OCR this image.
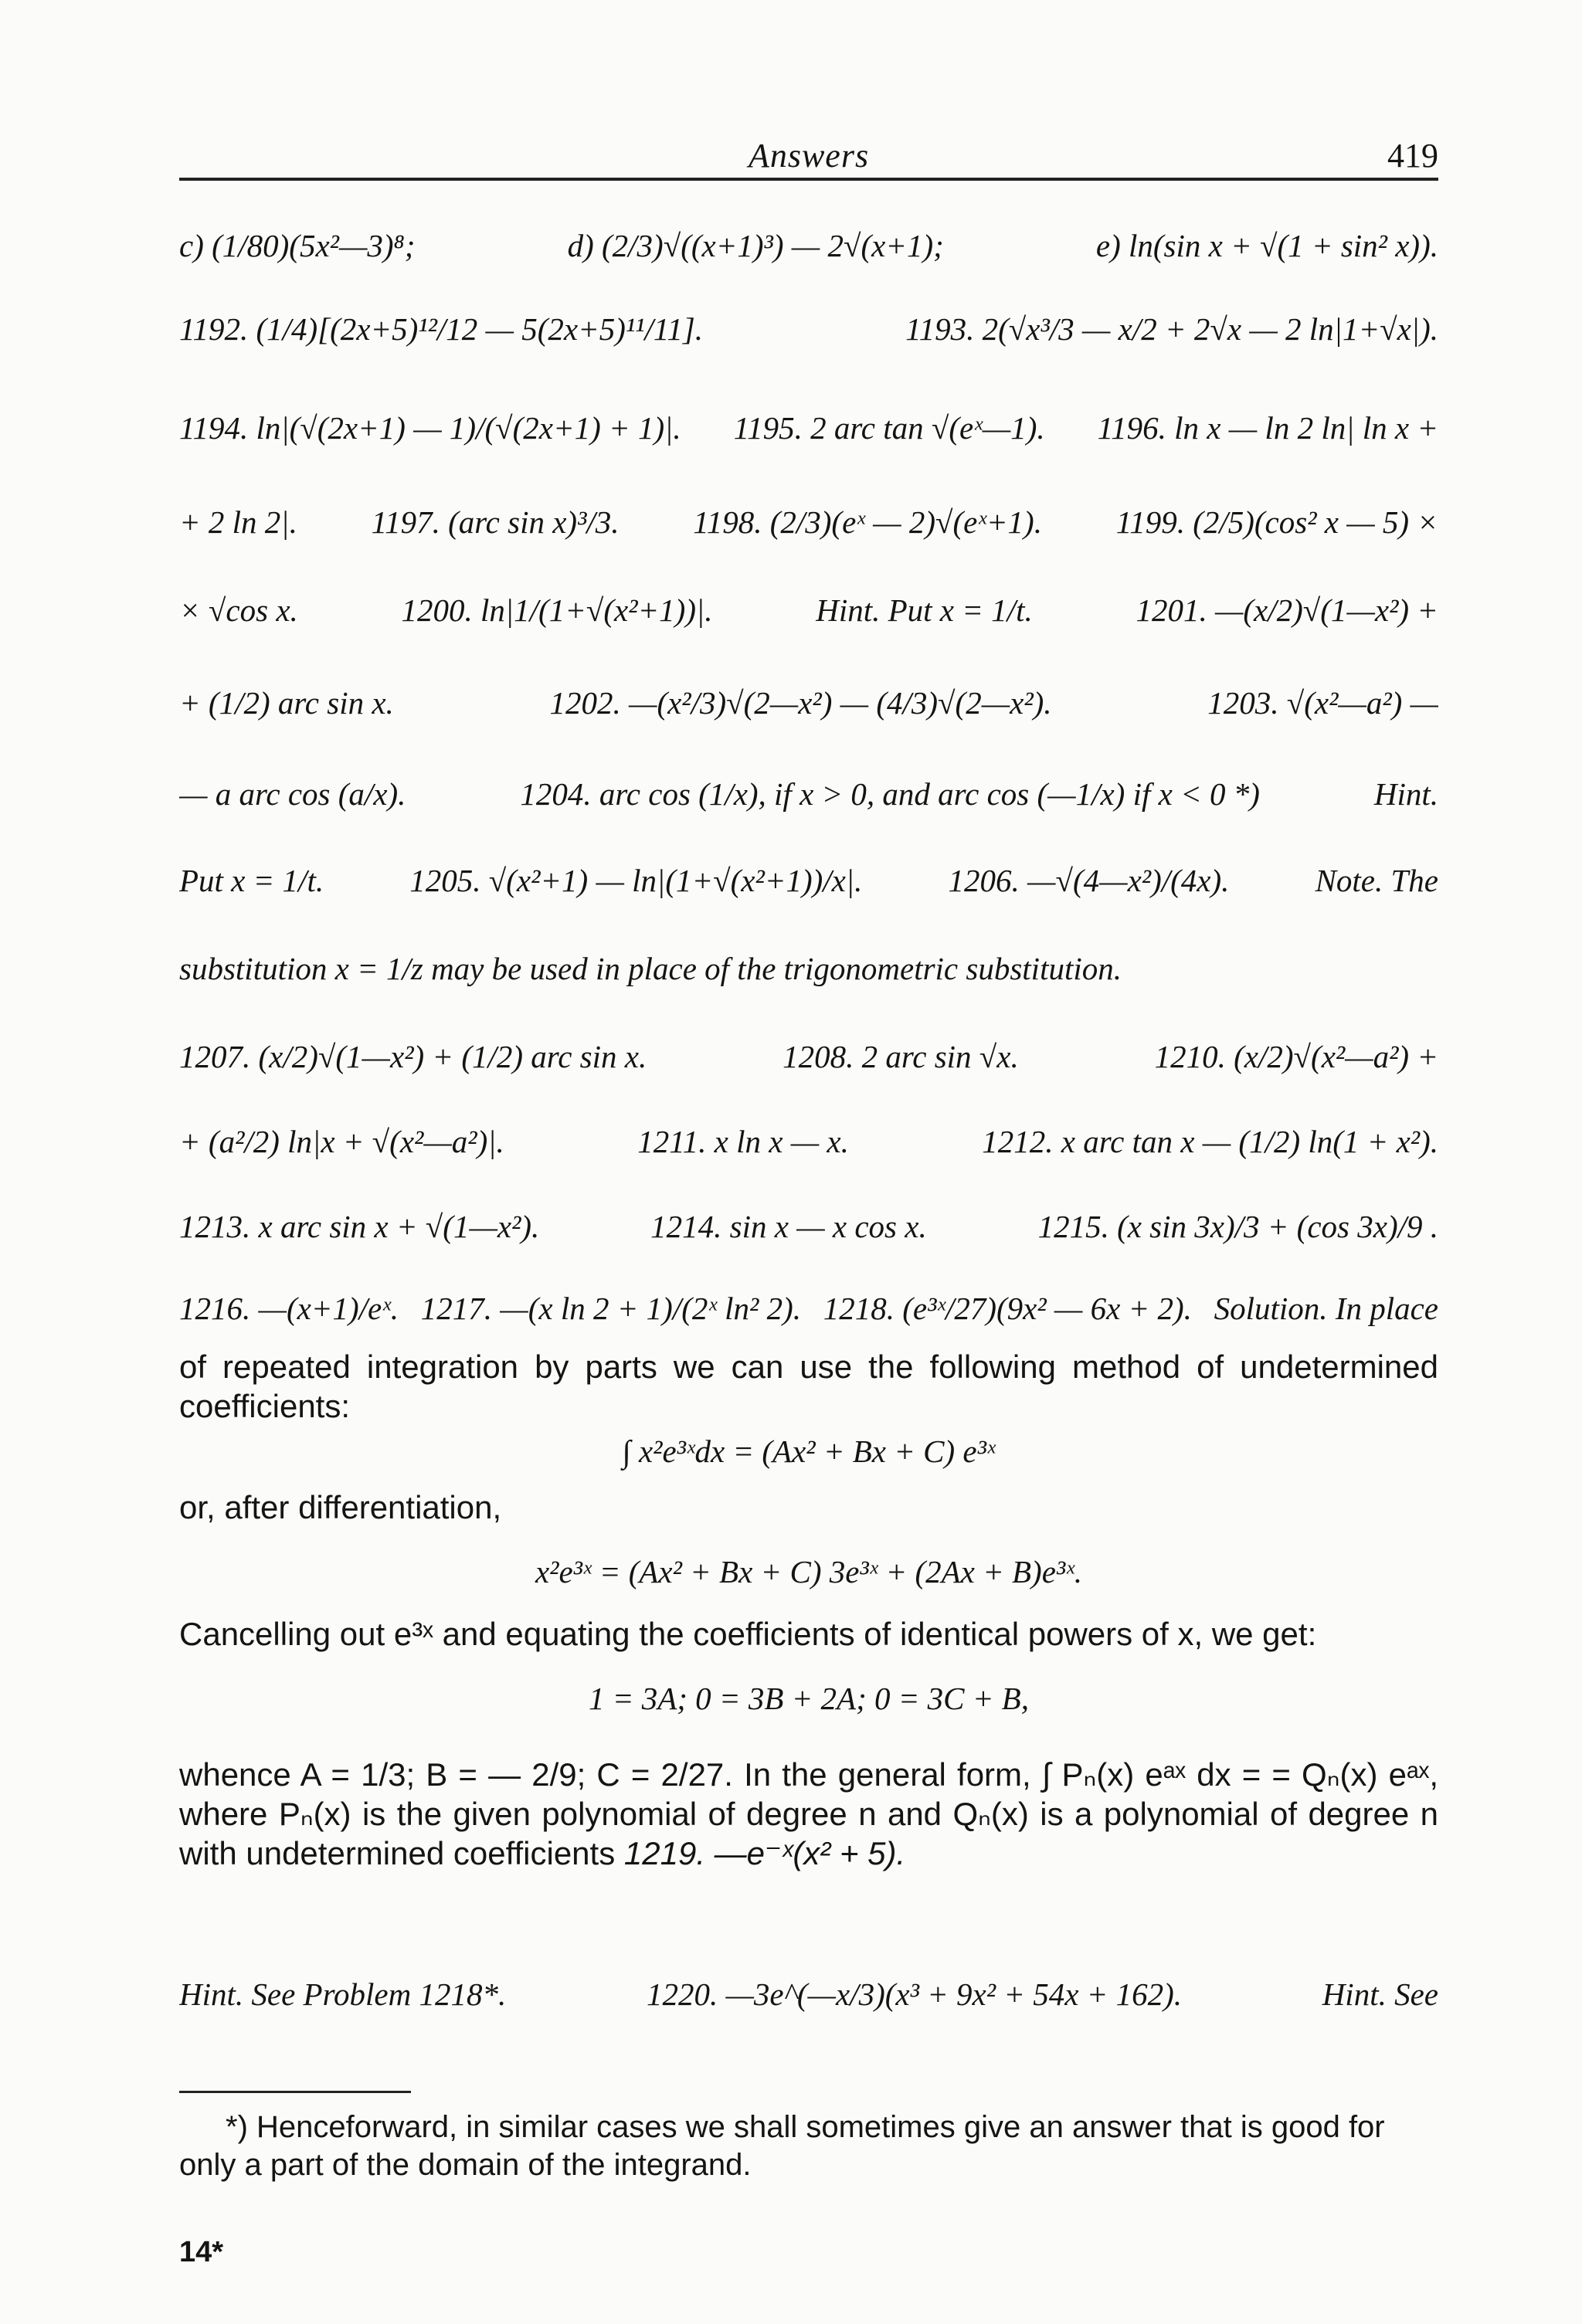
Answers	419
c) (1/80)(5x²—3)⁸;	d) (2/3)√((x+1)³) — 2√(x+1);	e) ln(sin x + √(1 + sin² x)).
1192. (1/4)[(2x+5)¹²/12 — 5(2x+5)¹¹/11].	1193. 2(√x³/3 — x/2 + 2√x — 2 ln|1+√x|).
1194. ln|(√(2x+1) — 1)/(√(2x+1) + 1)|. 1195. 2 arc tan √(eˣ—1). 1196. ln x — ln 2 ln| ln x +
+ 2 ln 2|. 1197. (arc sin x)³/3. 1198. (2/3)(eˣ — 2)√(eˣ+1). 1199. (2/5)(cos² x — 5) ×
× √cos x.	1200. ln|1/(1+√(x²+1))|.	Hint. Put x = 1/t.	1201. —(x/2)√(1—x²) +
+ (1/2) arc sin x.	1202. —(x²/3)√(2—x²) — (4/3)√(2—x²).	1203. √(x²—a²) —
— a arc cos (a/x).	1204. arc cos (1/x), if x > 0, and arc cos (—1/x) if x < 0 *)	Hint.
Put x = 1/t.	1205. √(x²+1) — ln|(1+√(x²+1))/x|.	1206. —√(4—x²)/(4x).	Note. The
substitution x = 1/z may be used in place of the trigonometric substitution.
1207. (x/2)√(1—x²) + (1/2) arc sin x.	1208. 2 arc sin √x.	1210. (x/2)√(x²—a²) +
+ (a²/2) ln|x + √(x²—a²)|.	1211. x ln x — x.	1212. x arc tan x — (1/2) ln(1 + x²).
1213. x arc sin x + √(1—x²).	1214. sin x — x cos x.	1215. (x sin 3x)/3 + (cos 3x)/9 .
1216. —(x+1)/eˣ. 1217. —(x ln 2 + 1)/(2ˣ ln² 2). 1218. (e³ˣ/27)(9x² — 6x + 2). Solution. In place
of repeated integration by parts we can use the following method of undetermined coefficients:
∫ x²e³ˣdx = (Ax² + Bx + C) e³ˣ
or, after differentiation,
x²e³ˣ = (Ax² + Bx + C) 3e³ˣ + (2Ax + B)e³ˣ.
Cancelling out e³ˣ and equating the coefficients of identical powers of x, we get:
1 = 3A; 0 = 3B + 2A; 0 = 3C + B,
whence A = 1/3; B = — 2/9; C = 2/27. In the general form, ∫ Pₙ(x) eᵃˣ dx = = Qₙ(x) eᵃˣ, where Pₙ(x) is the given polynomial of degree n and Qₙ(x) is a polynomial of degree n with undetermined coefficients 1219. —e⁻ˣ(x² + 5).
Hint. See Problem 1218*.	1220. —3e^(—x/3)(x³ + 9x² + 54x + 162).	Hint. See
*) Henceforward, in similar cases we shall sometimes give an answer that is good for only a part of the domain of the integrand.
14*
